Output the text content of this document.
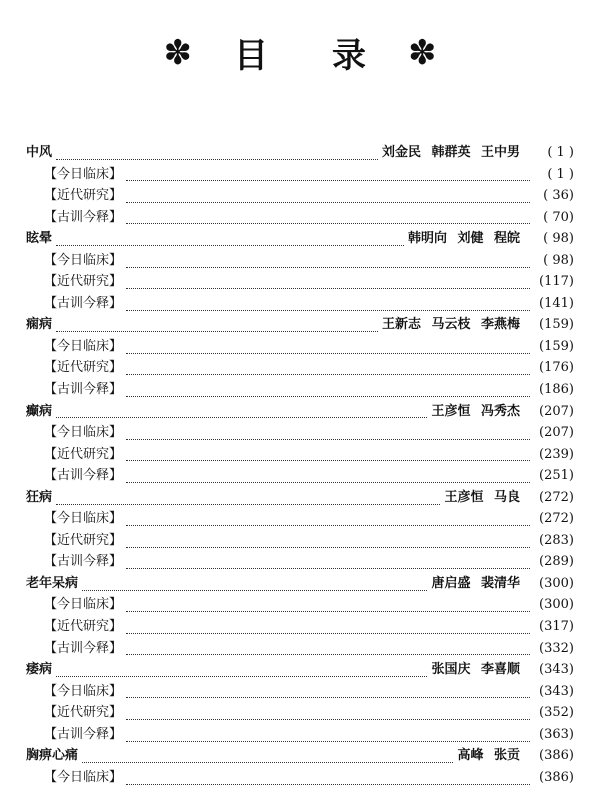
✽ 目 录 ✽
中风	刘金民 韩群英 王中男	( 1 )
【今日临床】	( 1 )
【近代研究】	( 36)
【古训今释】	( 70)
眩晕	韩明向 刘健 程皖	( 98)
【今日临床】	( 98)
【近代研究】	(117)
【古训今释】	(141)
痫病	王新志 马云枝 李燕梅	(159)
【今日临床】	(159)
【近代研究】	(176)
【古训今释】	(186)
癫病	王彦恒 冯秀杰	(207)
【今日临床】	(207)
【近代研究】	(239)
【古训今释】	(251)
狂病	王彦恒 马良	(272)
【今日临床】	(272)
【近代研究】	(283)
【古训今释】	(289)
老年呆病	唐启盛 裴清华	(300)
【今日临床】	(300)
【近代研究】	(317)
【古训今释】	(332)
痿病	张国庆 李喜顺	(343)
【今日临床】	(343)
【近代研究】	(352)
【古训今释】	(363)
胸痹心痛	高峰 张贡	(386)
【今日临床】	(386)
